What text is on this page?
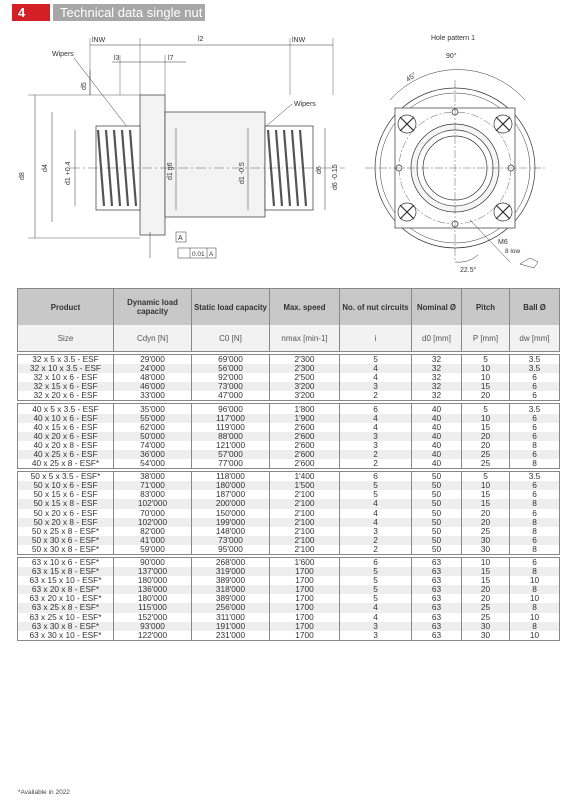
4	Technical data single nut
lNW	l2	lNW
l3	l7
Wipers
Wipers
d8
d4
d5
d1 +0.4	d1 g6	d1 -0.5	d6 d6 -0.15
A
0.01 A
Hole pattern 1
90°
45°
M6
8 low
22.5°
Product	Dynamic load capacity	Static load capacity	Max. speed	No. of nut circuits	Nominal Ø	Pitch	Ball Ø
Size	Cdyn [N]	C0 [N]	nmax [min-1]	i	d0 [mm]	P [mm]	dw [mm]

32 x 5 x 3.5 - ESF	29'000	69'000	2'300	5	32	5	3.5
32 x 10 x 3.5 - ESF	24'000	56'000	2'300	4	32	10	3.5
32 x 10 x 6 - ESF	48'000	92'000	2'500	4	32	10	6
32 x 15 x 6 - ESF	46'000	73'000	3'200	3	32	15	6
32 x 20 x 6 - ESF	33'000	47'000	3'200	2	32	20	6

40 x 5 x 3.5 - ESF	35'000	96'000	1'800	6	40	5	3.5
40 x 10 x 6 - ESF	55'000	117'000	1'900	4	40	10	6
40 x 15 x 6 - ESF	62'000	119'000	2'600	4	40	15	6
40 x 20 x 6 - ESF	50'000	88'000	2'600	3	40	20	6
40 x 20 x 8 - ESF	74'000	121'000	2'600	3	40	20	8
40 x 25 x 6 - ESF	36'000	57'000	2'600	2	40	25	6
40 x 25 x 8 - ESF*	54'000	77'000	2'600	2	40	25	8

50 x 5 x 3.5 - ESF*	38'000	118'000	1'400	6	50	5	3.5
50 x 10 x 6 - ESF	71'000	180'000	1'500	5	50	10	6
50 x 15 x 6 - ESF	83'000	187'000	2'100	5	50	15	6
50 x 15 x 8 - ESF	102'000	200'000	2'100	4	50	15	8
50 x 20 x 6 - ESF	70'000	150'000	2'100	4	50	20	6
50 x 20 x 8 - ESF	102'000	199'000	2'100	4	50	20	8
50 x 25 x 8 - ESF*	82'000	148'000	2'100	3	50	25	8
50 x 30 x 6 - ESF*	41'000	73'000	2'100	2	50	30	6
50 x 30 x 8 - ESF*	59'000	95'000	2'100	2	50	30	8

63 x 10 x 6 - ESF*	90'000	268'000	1'600	6	63	10	6
63 x 15 x 8 - ESF*	137'000	319'000	1700	5	63	15	8
63 x 15 x 10 - ESF*	180'000	389'000	1700	5	63	15	10
63 x 20 x 8 - ESF*	136'000	318'000	1700	5	63	20	8
63 x 20 x 10 - ESF*	180'000	389'000	1700	5	63	20	10
63 x 25 x 8 - ESF*	115'000	256'000	1700	4	63	25	8
63 x 25 x 10 - ESF*	152'000	311'000	1700	4	63	25	10
63 x 30 x 8 - ESF*	93'000	191'000	1700	3	63	30	8
63 x 30 x 10 - ESF*	122'000	231'000	1700	3	63	30	10
*Available in 2022
